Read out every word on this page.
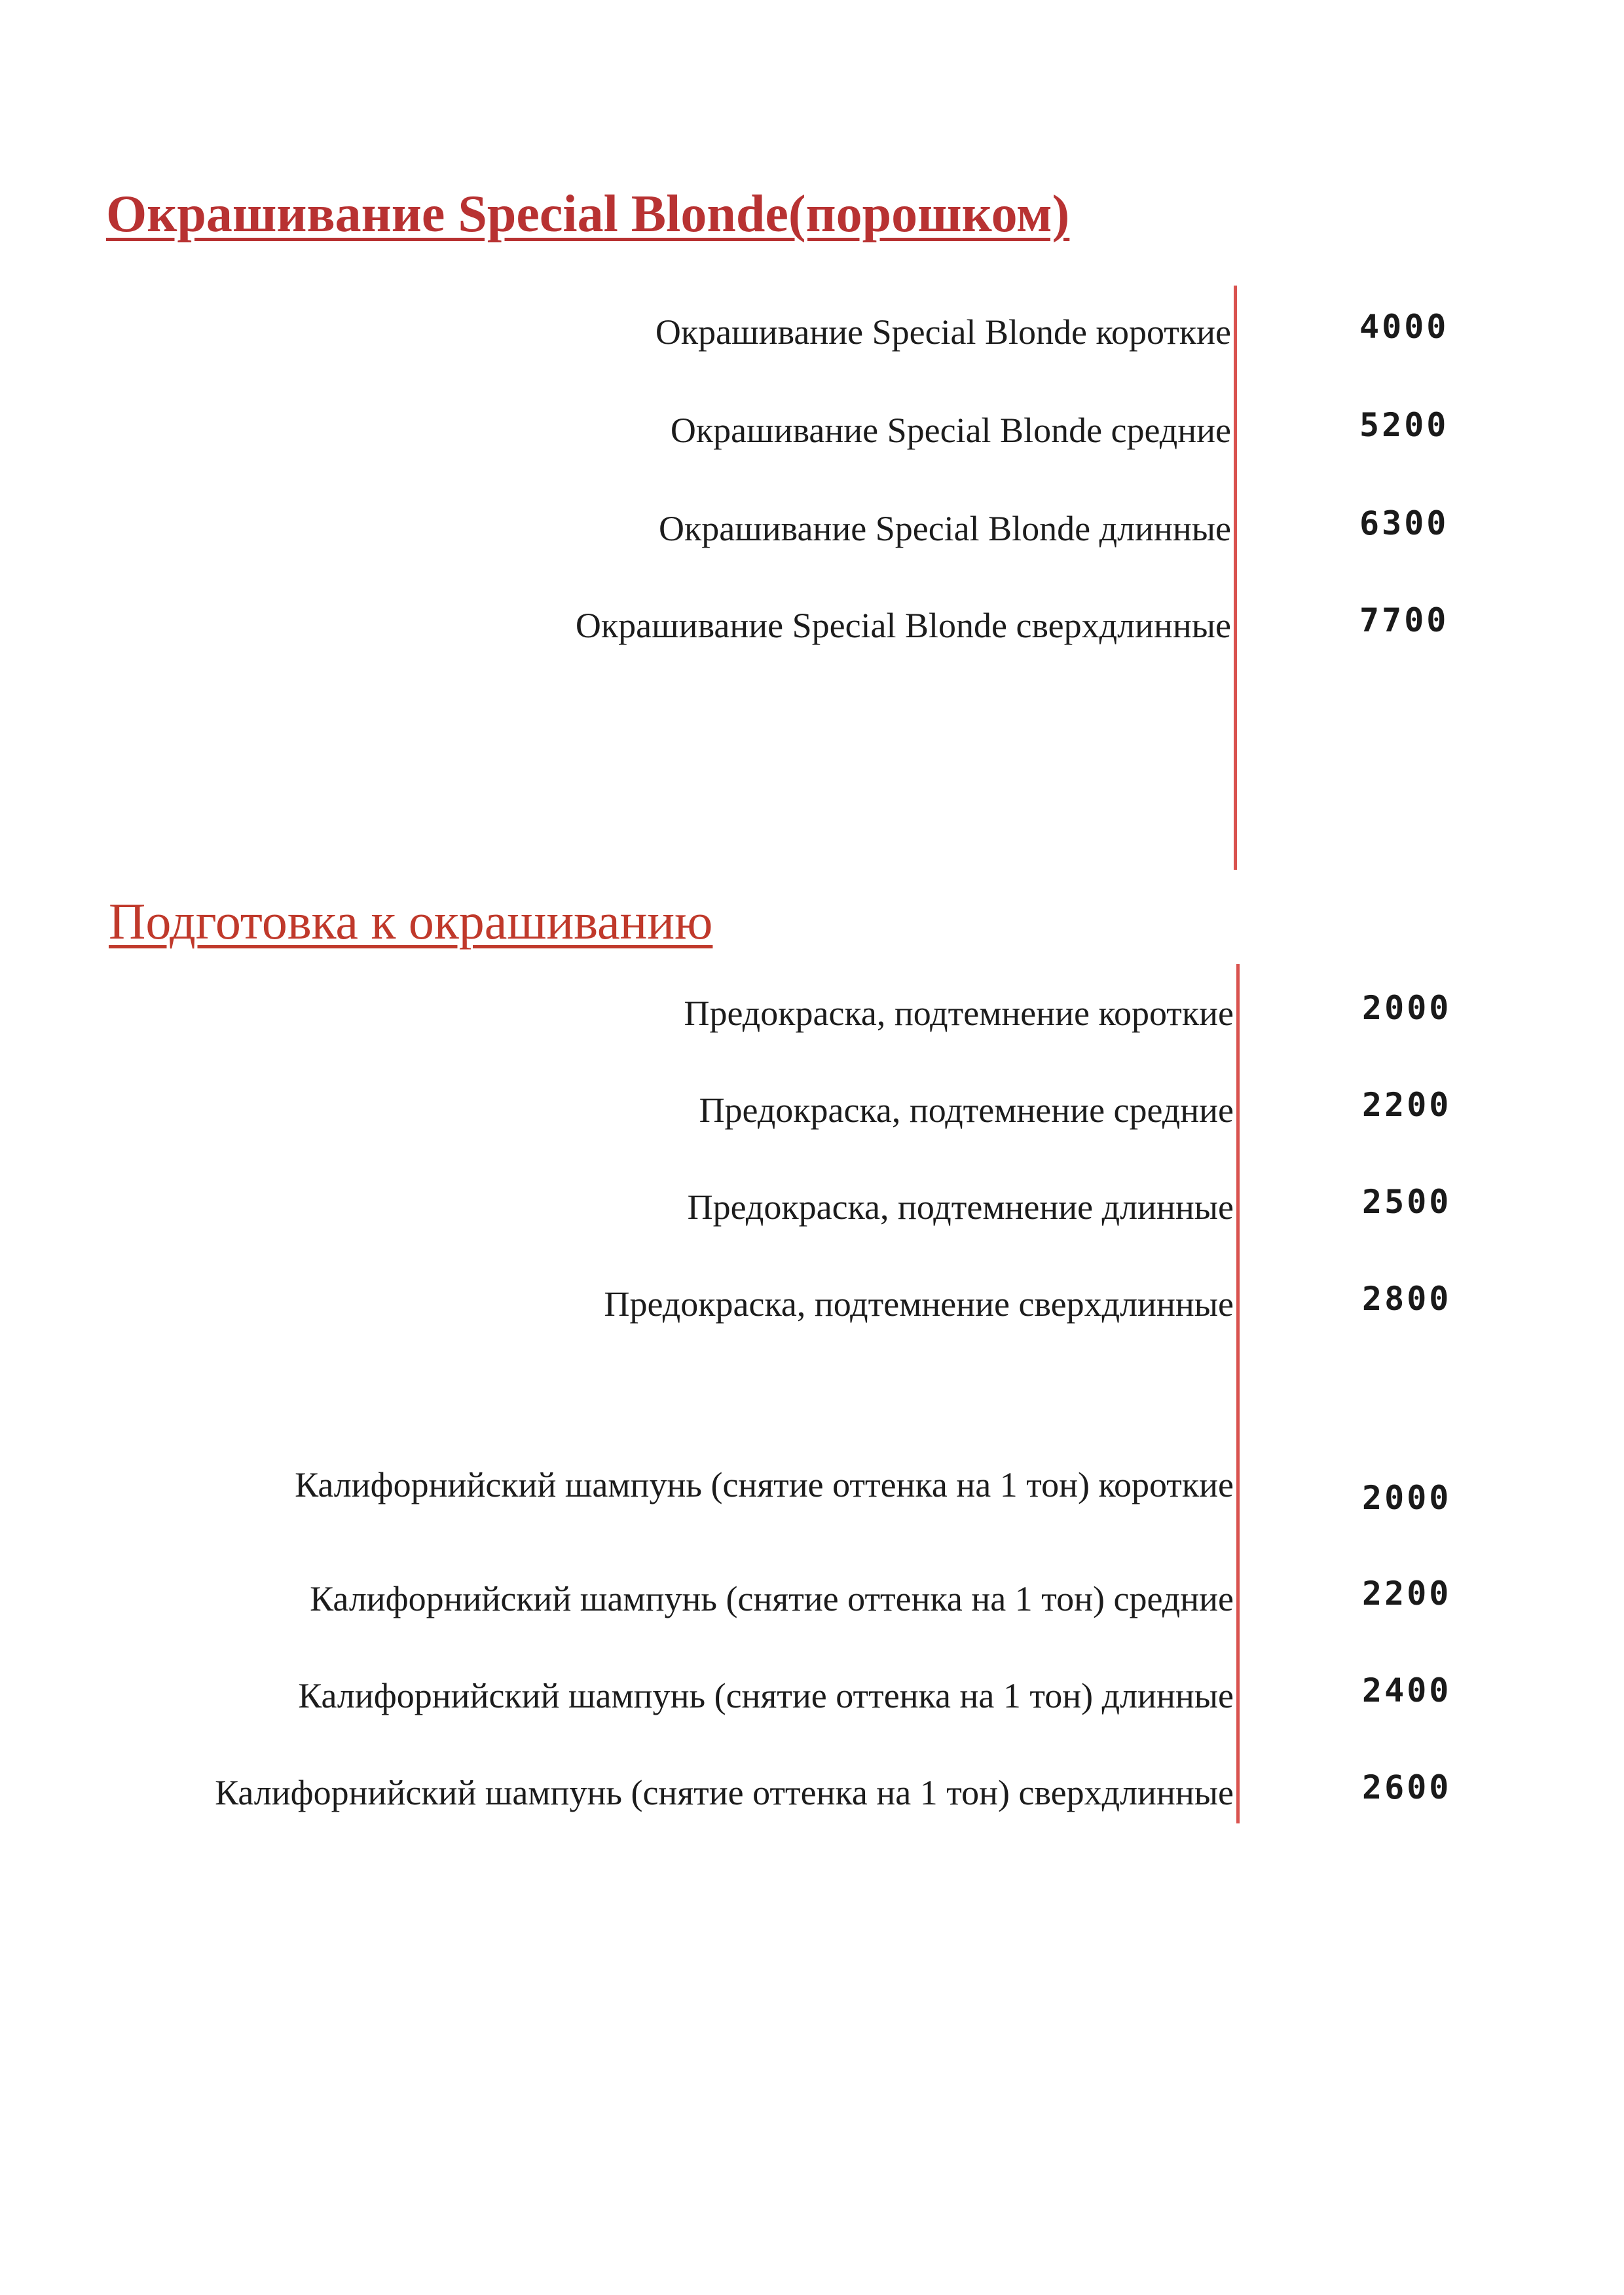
Окрашивание Special Blonde(порошком)
Окрашивание Special Blonde короткие	4000
Окрашивание Special Blonde средние	5200
Окрашивание Special Blonde длинные	6300
Окрашивание Special Blonde сверхдлинные	7700
Подготовка к окрашиванию
Предокраска, подтемнение короткие	2000
Предокраска, подтемнение средние	2200
Предокраска, подтемнение длинные	2500
Предокраска, подтемнение сверхдлинные	2800
Калифорнийский шампунь (снятие оттенка на 1 тон) короткие	2000
Калифорнийский шампунь (снятие оттенка на 1 тон) средние	2200
Калифорнийский шампунь (снятие оттенка на 1 тон) длинные	2400
Калифорнийский шампунь (снятие оттенка на 1 тон) сверхдлинные	2600
